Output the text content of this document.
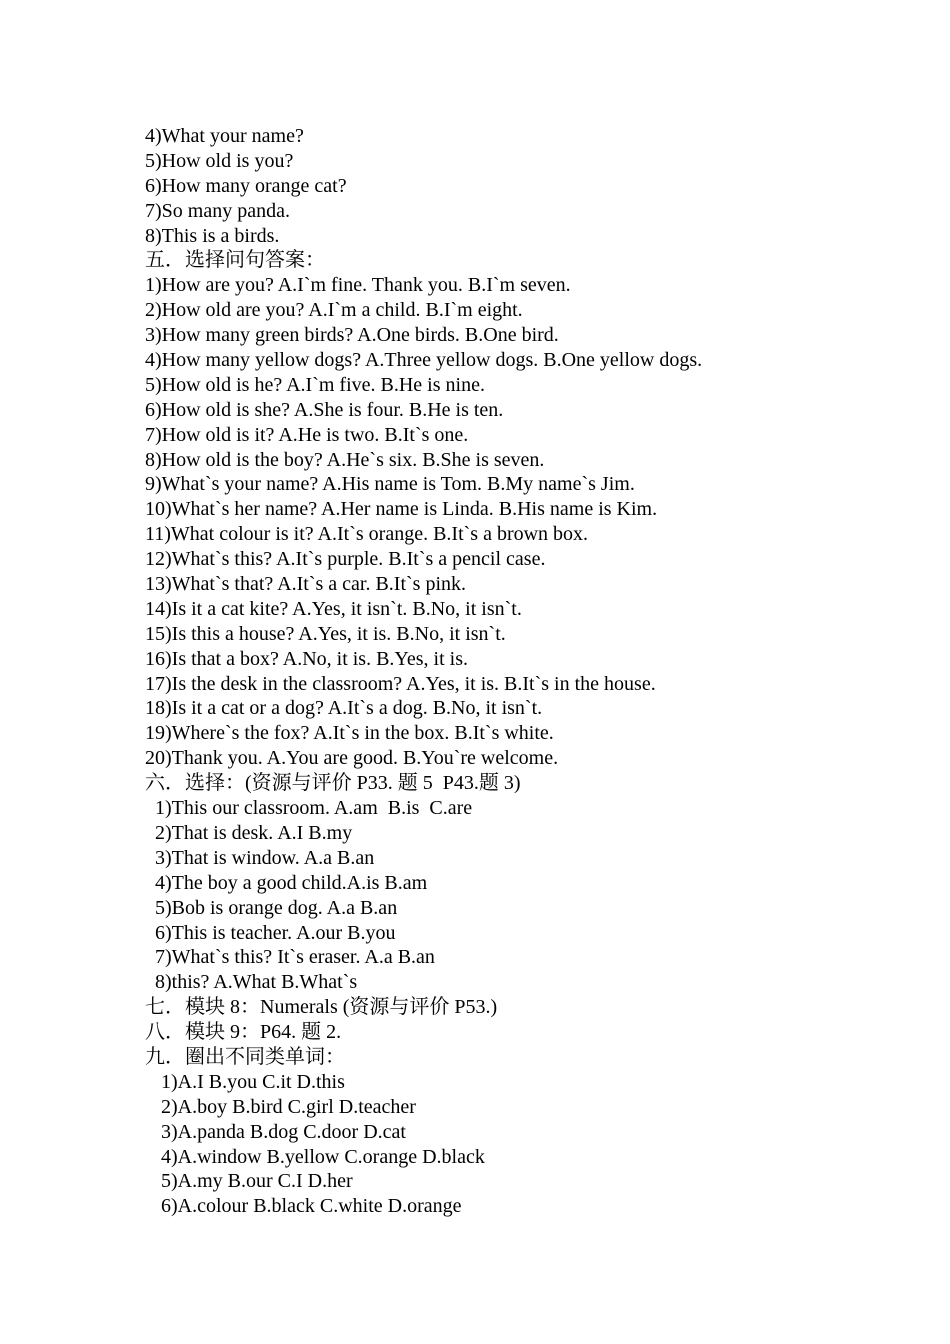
4)What your name?
5)How old is you?
6)How many orange cat?
7)So many panda.
8)This is a birds.
五．选择问句答案：
1)How are you? A.I`m fine. Thank you. B.I`m seven.
2)How old are you? A.I`m a child. B.I`m eight.
3)How many green birds? A.One birds. B.One bird.
4)How many yellow dogs? A.Three yellow dogs. B.One yellow dogs.
5)How old is he? A.I`m five. B.He is nine.
6)How old is she? A.She is four. B.He is ten.
7)How old is it? A.He is two. B.It`s one.
8)How old is the boy? A.He`s six. B.She is seven.
9)What`s your name? A.His name is Tom. B.My name`s Jim.
10)What`s her name? A.Her name is Linda. B.His name is Kim.
11)What colour is it? A.It`s orange. B.It`s a brown box.
12)What`s this? A.It`s purple. B.It`s a pencil case.
13)What`s that? A.It`s a car. B.It`s pink.
14)Is it a cat kite? A.Yes, it isn`t. B.No, it isn`t.
15)Is this a house? A.Yes, it is. B.No, it isn`t.
16)Is that a box? A.No, it is. B.Yes, it is.
17)Is the desk in the classroom? A.Yes, it is. B.It`s in the house.
18)Is it a cat or a dog? A.It`s a dog. B.No, it isn`t.
19)Where`s the fox? A.It`s in the box. B.It`s white.
20)Thank you. A.You are good. B.You`re welcome.
六．选择：(资源与评价 P33. 题 5  P43.题 3)
1)This our classroom. A.am  B.is  C.are
2)That is desk. A.I B.my
3)That is window. A.a B.an
4)The boy a good child.A.is B.am
5)Bob is orange dog. A.a B.an
6)This is teacher. A.our B.you
7)What`s this? It`s eraser. A.a B.an
8)this? A.What B.What`s
七．模块 8：Numerals (资源与评价 P53.)
八．模块 9：P64. 题 2.
九．圈出不同类单词：
1)A.I B.you C.it D.this
2)A.boy B.bird C.girl D.teacher
3)A.panda B.dog C.door D.cat
4)A.window B.yellow C.orange D.black
5)A.my B.our C.I D.her
6)A.colour B.black C.white D.orange
